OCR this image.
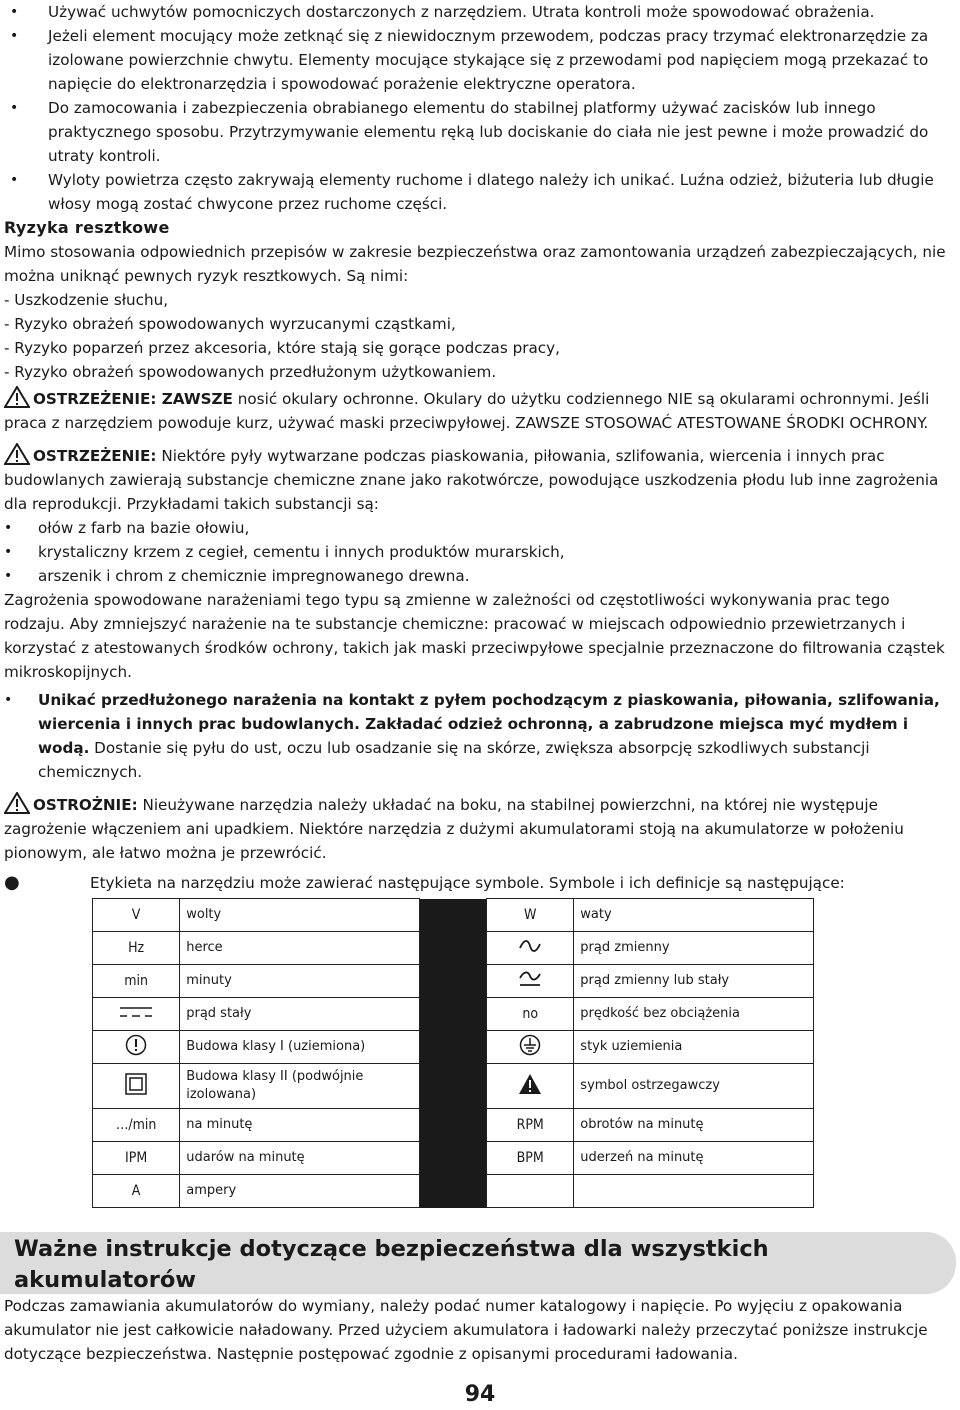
• Używać uchwytów pomocniczych dostarczonych z narzędziem. Utrata kontroli może spowodować obrażenia.

• Jeżeli element mocujący może zetknąć się z niewidocznym przewodem, podczas pracy trzymać elektronarzędzie za izolowane powierzchnie chwytu. Elementy mocujące stykające się z przewodami pod napięciem mogą przekazać to napięcie do elektronarzędzia i spowodować porażenie elektryczne operatora.

• Do zamocowania i zabezpieczenia obrabianego elementu do stabilnej platformy używać zacisków lub innego praktycznego sposobu. Przytrzymywanie elementu ręką lub dociskanie do ciała nie jest pewne i może prowadzić do utraty kontroli.

• Wyloty powietrza często zakrywają elementy ruchome i dlatego należy ich unikać. Luźna odzież, biżuteria lub długie włosy mogą zostać chwycone przez ruchome części.

Ryzyka resztkowe

Mimo stosowania odpowiednich przepisów w zakresie bezpieczeństwa oraz zamontowania urządzeń zabezpieczających, nie można uniknąć pewnych ryzyk resztkowych. Są nimi:

- Uszkodzenie słuchu,

- Ryzyko obrażeń spowodowanych wyrzucanymi cząstkami,

- Ryzyko poparzeń przez akcesoria, które stają się gorące podczas pracy,

- Ryzyko obrażeń spowodowanych przedłużonym użytkowaniem.

OSTRZEŻENIE: ZAWSZE nosić okulary ochronne. Okulary do użytku codziennego NIE są okularami ochronnymi. Jeśli praca z narzędziem powoduje kurz, używać maski przeciwpyłowej. ZAWSZE STOSOWAĆ ATESTOWANE ŚRODKI OCHRONY.

OSTRZEŻENIE: Niektóre pyły wytwarzane podczas piaskowania, piłowania, szlifowania, wiercenia i innych prac budowlanych zawierają substancje chemiczne znane jako rakotwórcze, powodujące uszkodzenia płodu lub inne zagrożenia dla reprodukcji. Przykładami takich substancji są:

• ołów z farb na bazie ołowiu,

• krystaliczny krzem z cegieł, cementu i innych produktów murarskich,

• arszenik i chrom z chemicznie impregnowanego drewna.

Zagrożenia spowodowane narażeniami tego typu są zmienne w zależności od częstotliwości wykonywania prac tego rodzaju. Aby zmniejszyć narażenie na te substancje chemiczne: pracować w miejscach odpowiednio przewietrzanych i korzystać z atestowanych środków ochrony, takich jak maski przeciwpyłowe specjalnie przeznaczone do filtrowania cząstek mikroskopijnych.

• Unikać przedłużonego narażenia na kontakt z pyłem pochodzącym z piaskowania, piłowania, szlifowania, wiercenia i innych prac budowlanych. Zakładać odzież ochronną, a zabrudzone miejsca myć mydłem i wodą. Dostanie się pyłu do ust, oczu lub osadzanie się na skórze, zwiększa absorpcję szkodliwych substancji chemicznych.

OSTROŻNIE: Nieużywane narzędzia należy układać na boku, na stabilnej powierzchni, na której nie występuje zagrożenie włączeniem ani upadkiem. Niektóre narzędzia z dużymi akumulatorami stoją na akumulatorze w położeniu pionowym, ale łatwo można je przewrócić.

●	Etykieta na narzędziu może zawierać następujące symbole. Symbole i ich definicje są następujące:

V	wolty		W	waty
Hz	herce			prąd zmienny
min	minuty			prąd zmienny lub stały
	prąd stały		no	prędkość bez obciążenia
	Budowa klasy I (uziemiona)			styk uziemienia
	Budowa klasy II (podwójnie izolowana)			symbol ostrzegawczy
…/min	na minutę		RPM	obrotów na minutę
IPM	udarów na minutę		BPM	uderzeń na minutę
A	ampery			
Ważne instrukcje dotyczące bezpieczeństwa dla wszystkich akumulatorów

Podczas zamawiania akumulatorów do wymiany, należy podać numer katalogowy i napięcie. Po wyjęciu z opakowania akumulator nie jest całkowicie naładowany. Przed użyciem akumulatora i ładowarki należy przeczytać poniższe instrukcje dotyczące bezpieczeństwa. Następnie postępować zgodnie z opisanymi procedurami ładowania.

94
